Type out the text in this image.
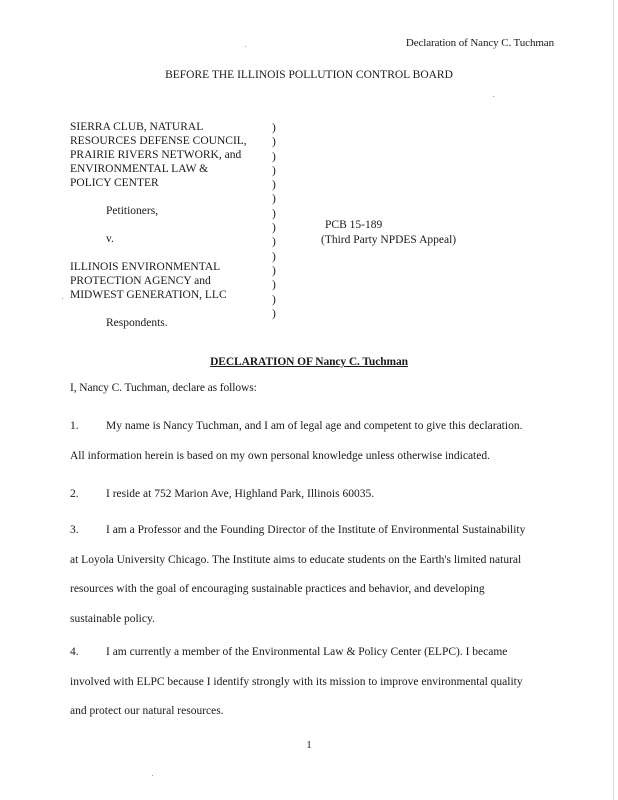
Declaration of Nancy C. Tuchman
BEFORE THE ILLINOIS POLLUTION CONTROL BOARD
SIERRA CLUB, NATURAL
RESOURCES DEFENSE COUNCIL,
PRAIRIE RIVERS NETWORK, and
ENVIRONMENTAL LAW &
POLICY CENTER
Petitioners,
v.
ILLINOIS ENVIRONMENTAL
PROTECTION AGENCY and
MIDWEST GENERATION, LLC
Respondents.
)
)
)
)
)
)
)
)
)
)
)
)
)
)
PCB 15-189
(Third Party NPDES Appeal)
DECLARATION OF Nancy C. Tuchman
I, Nancy C. Tuchman, declare as follows:
1. My name is Nancy Tuchman, and I am of legal age and competent to give this declaration.
All information herein is based on my own personal knowledge unless otherwise indicated.
2. I reside at 752 Marion Ave, Highland Park, Illinois 60035.
3. I am a Professor and the Founding Director of the Institute of Environmental Sustainability
at Loyola University Chicago. The Institute aims to educate students on the Earth's limited natural
resources with the goal of encouraging sustainable practices and behavior, and developing
sustainable policy.
4. I am currently a member of the Environmental Law & Policy Center (ELPC). I became
involved with ELPC because I identify strongly with its mission to improve environmental quality
and protect our natural resources.
1
